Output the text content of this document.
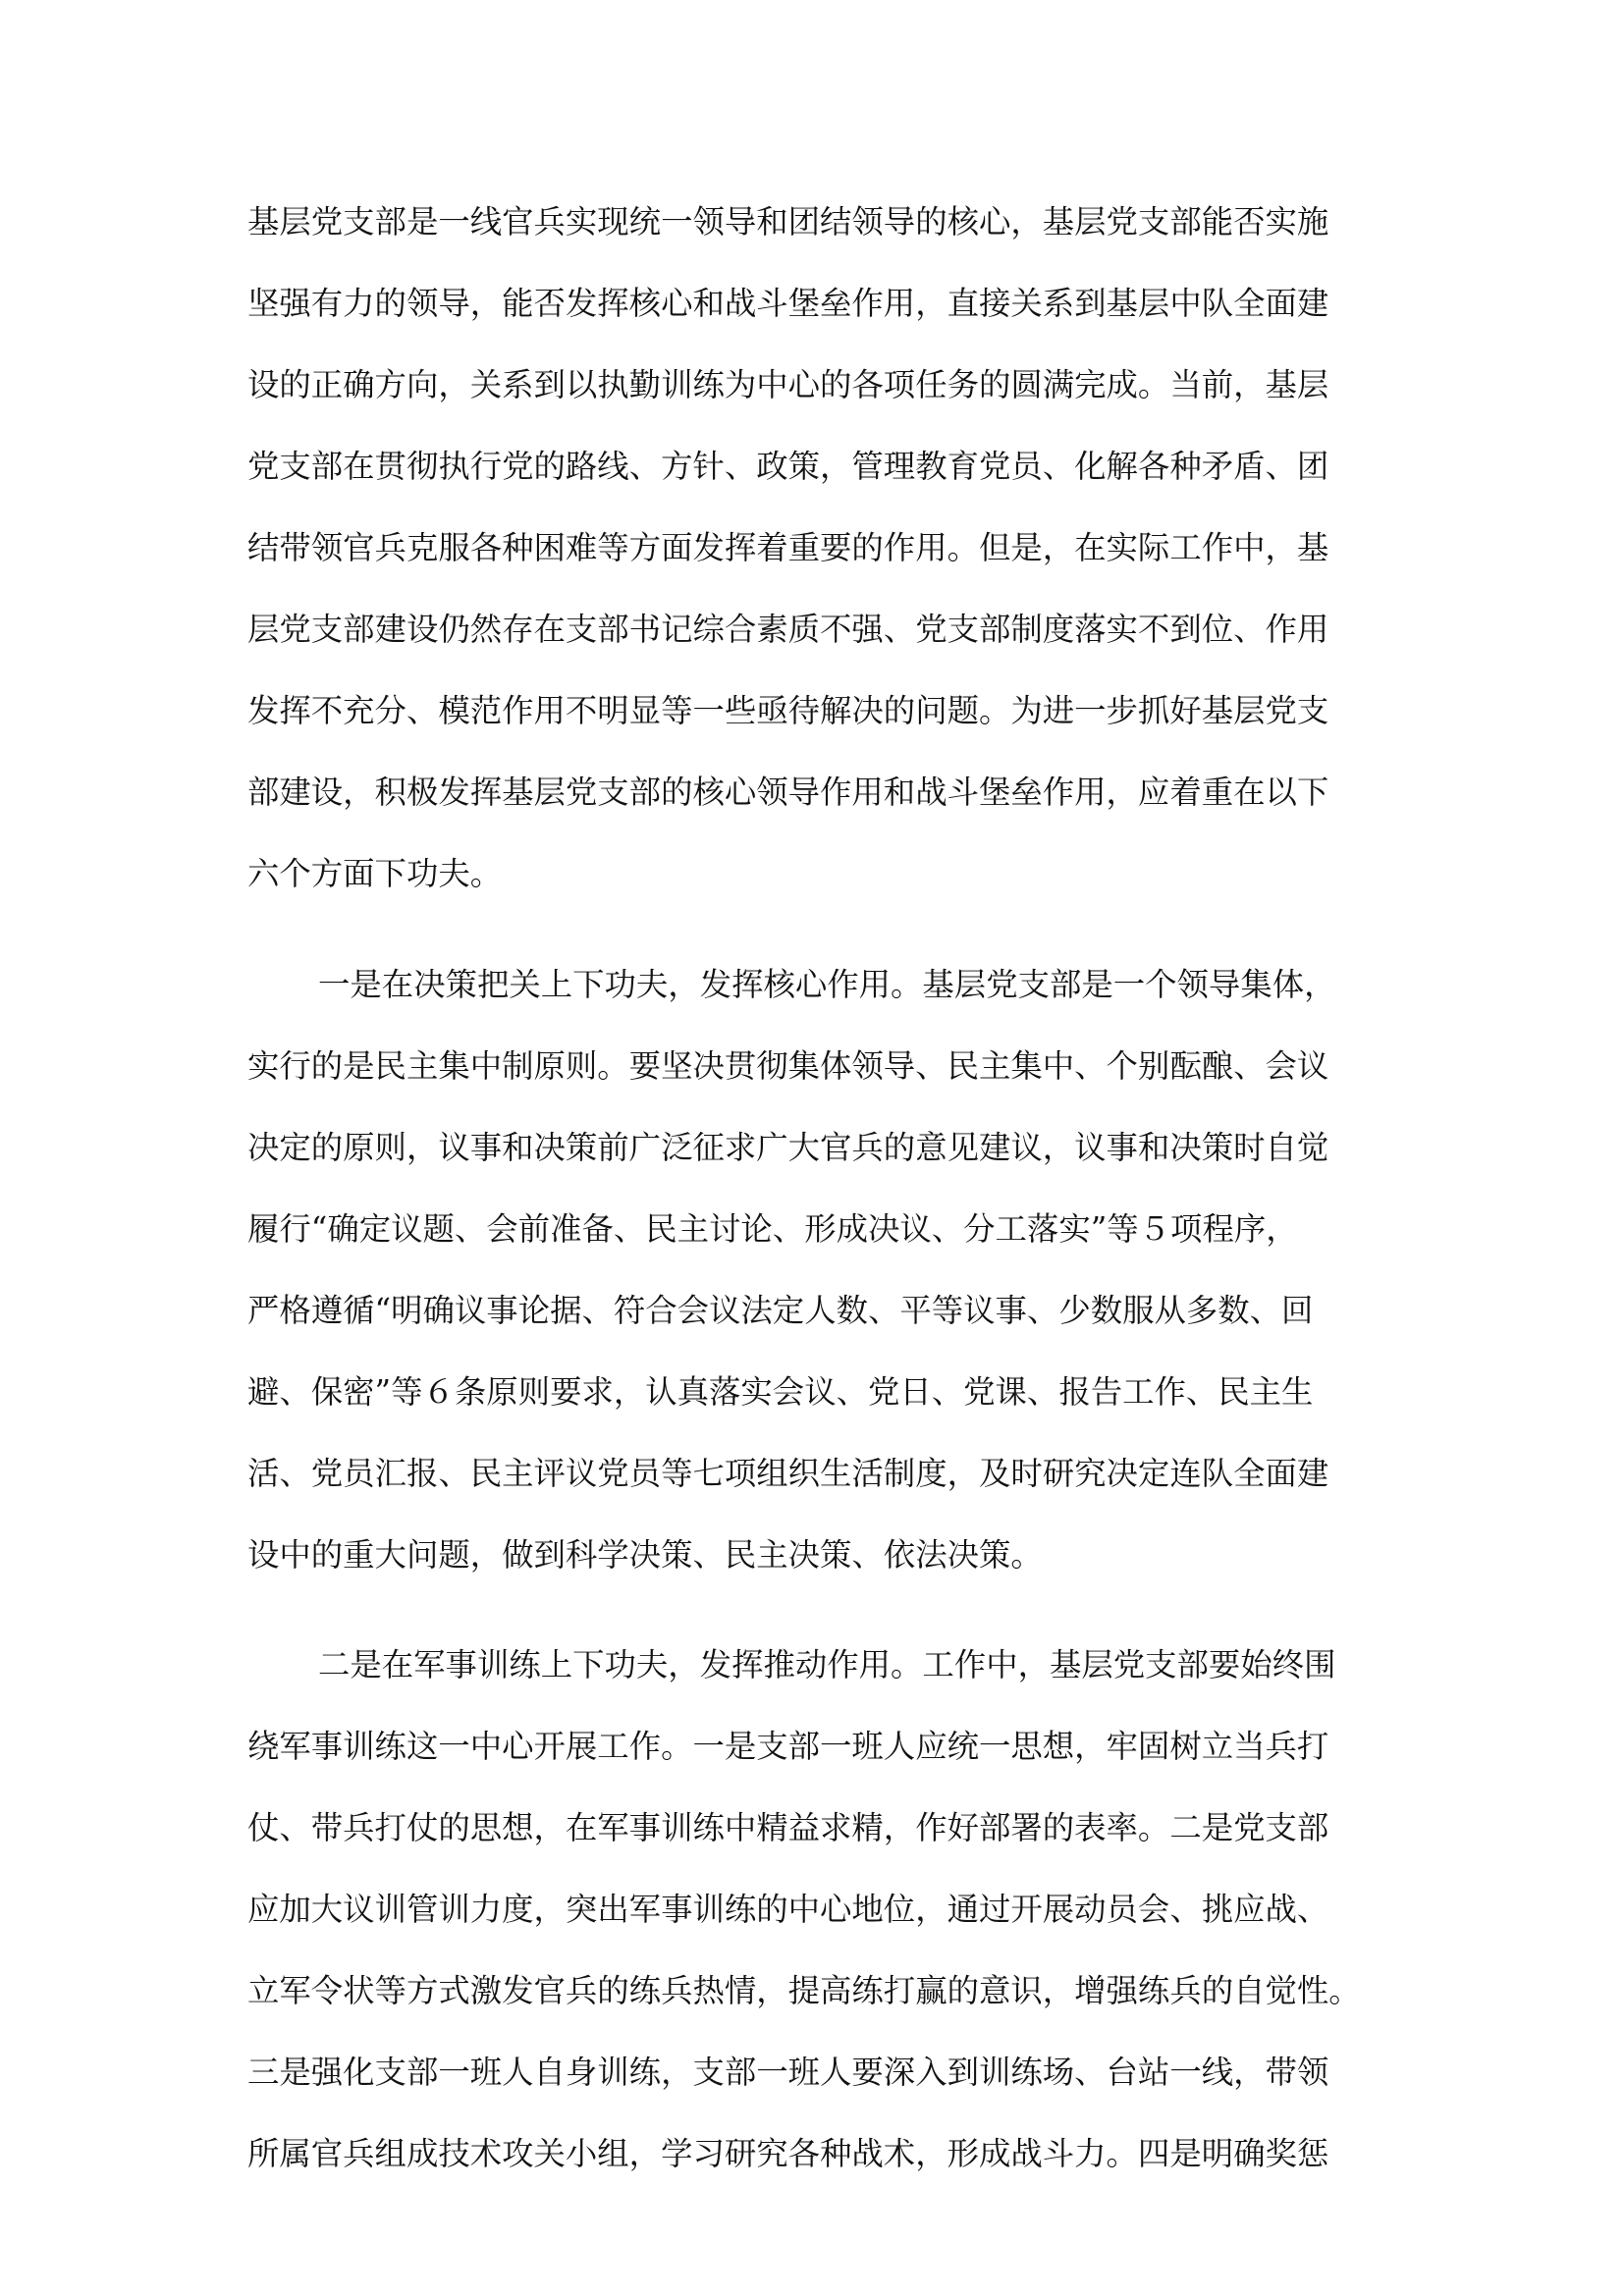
基层党支部是一线官兵实现统一领导和团结领导的核心，基层党支部能否实施

坚强有力的领导，能否发挥核心和战斗堡垒作用，直接关系到基层中队全面建

设的正确方向，关系到以执勤训练为中心的各项任务的圆满完成。当前，基层

党支部在贯彻执行党的路线、方针、政策，管理教育党员、化解各种矛盾、团

结带领官兵克服各种困难等方面发挥着重要的作用。但是，在实际工作中，基

层党支部建设仍然存在支部书记综合素质不强、党支部制度落实不到位、作用

发挥不充分、模范作用不明显等一些亟待解决的问题。为进一步抓好基层党支

部建设，积极发挥基层党支部的核心领导作用和战斗堡垒作用，应着重在以下

六个方面下功夫。

一是在决策把关上下功夫，发挥核心作用。基层党支部是一个领导集体，

实行的是民主集中制原则。要坚决贯彻集体领导、民主集中、个别酝酿、会议

决定的原则，议事和决策前广泛征求广大官兵的意见建议，议事和决策时自觉

履行“确定议题、会前准备、民主讨论、形成决议、分工落实”等５项程序，

严格遵循“明确议事论据、符合会议法定人数、平等议事、少数服从多数、回

避、保密”等６条原则要求，认真落实会议、党日、党课、报告工作、民主生

活、党员汇报、民主评议党员等七项组织生活制度，及时研究决定连队全面建

设中的重大问题，做到科学决策、民主决策、依法决策。

二是在军事训练上下功夫，发挥推动作用。工作中，基层党支部要始终围

绕军事训练这一中心开展工作。一是支部一班人应统一思想，牢固树立当兵打

仗、带兵打仗的思想，在军事训练中精益求精，作好部署的表率。二是党支部

应加大议训管训力度，突出军事训练的中心地位，通过开展动员会、挑应战、

立军令状等方式激发官兵的练兵热情，提高练打赢的意识，增强练兵的自觉性。

三是强化支部一班人自身训练，支部一班人要深入到训练场、台站一线，带领

所属官兵组成技术攻关小组，学习研究各种战术，形成战斗力。四是明确奖惩
